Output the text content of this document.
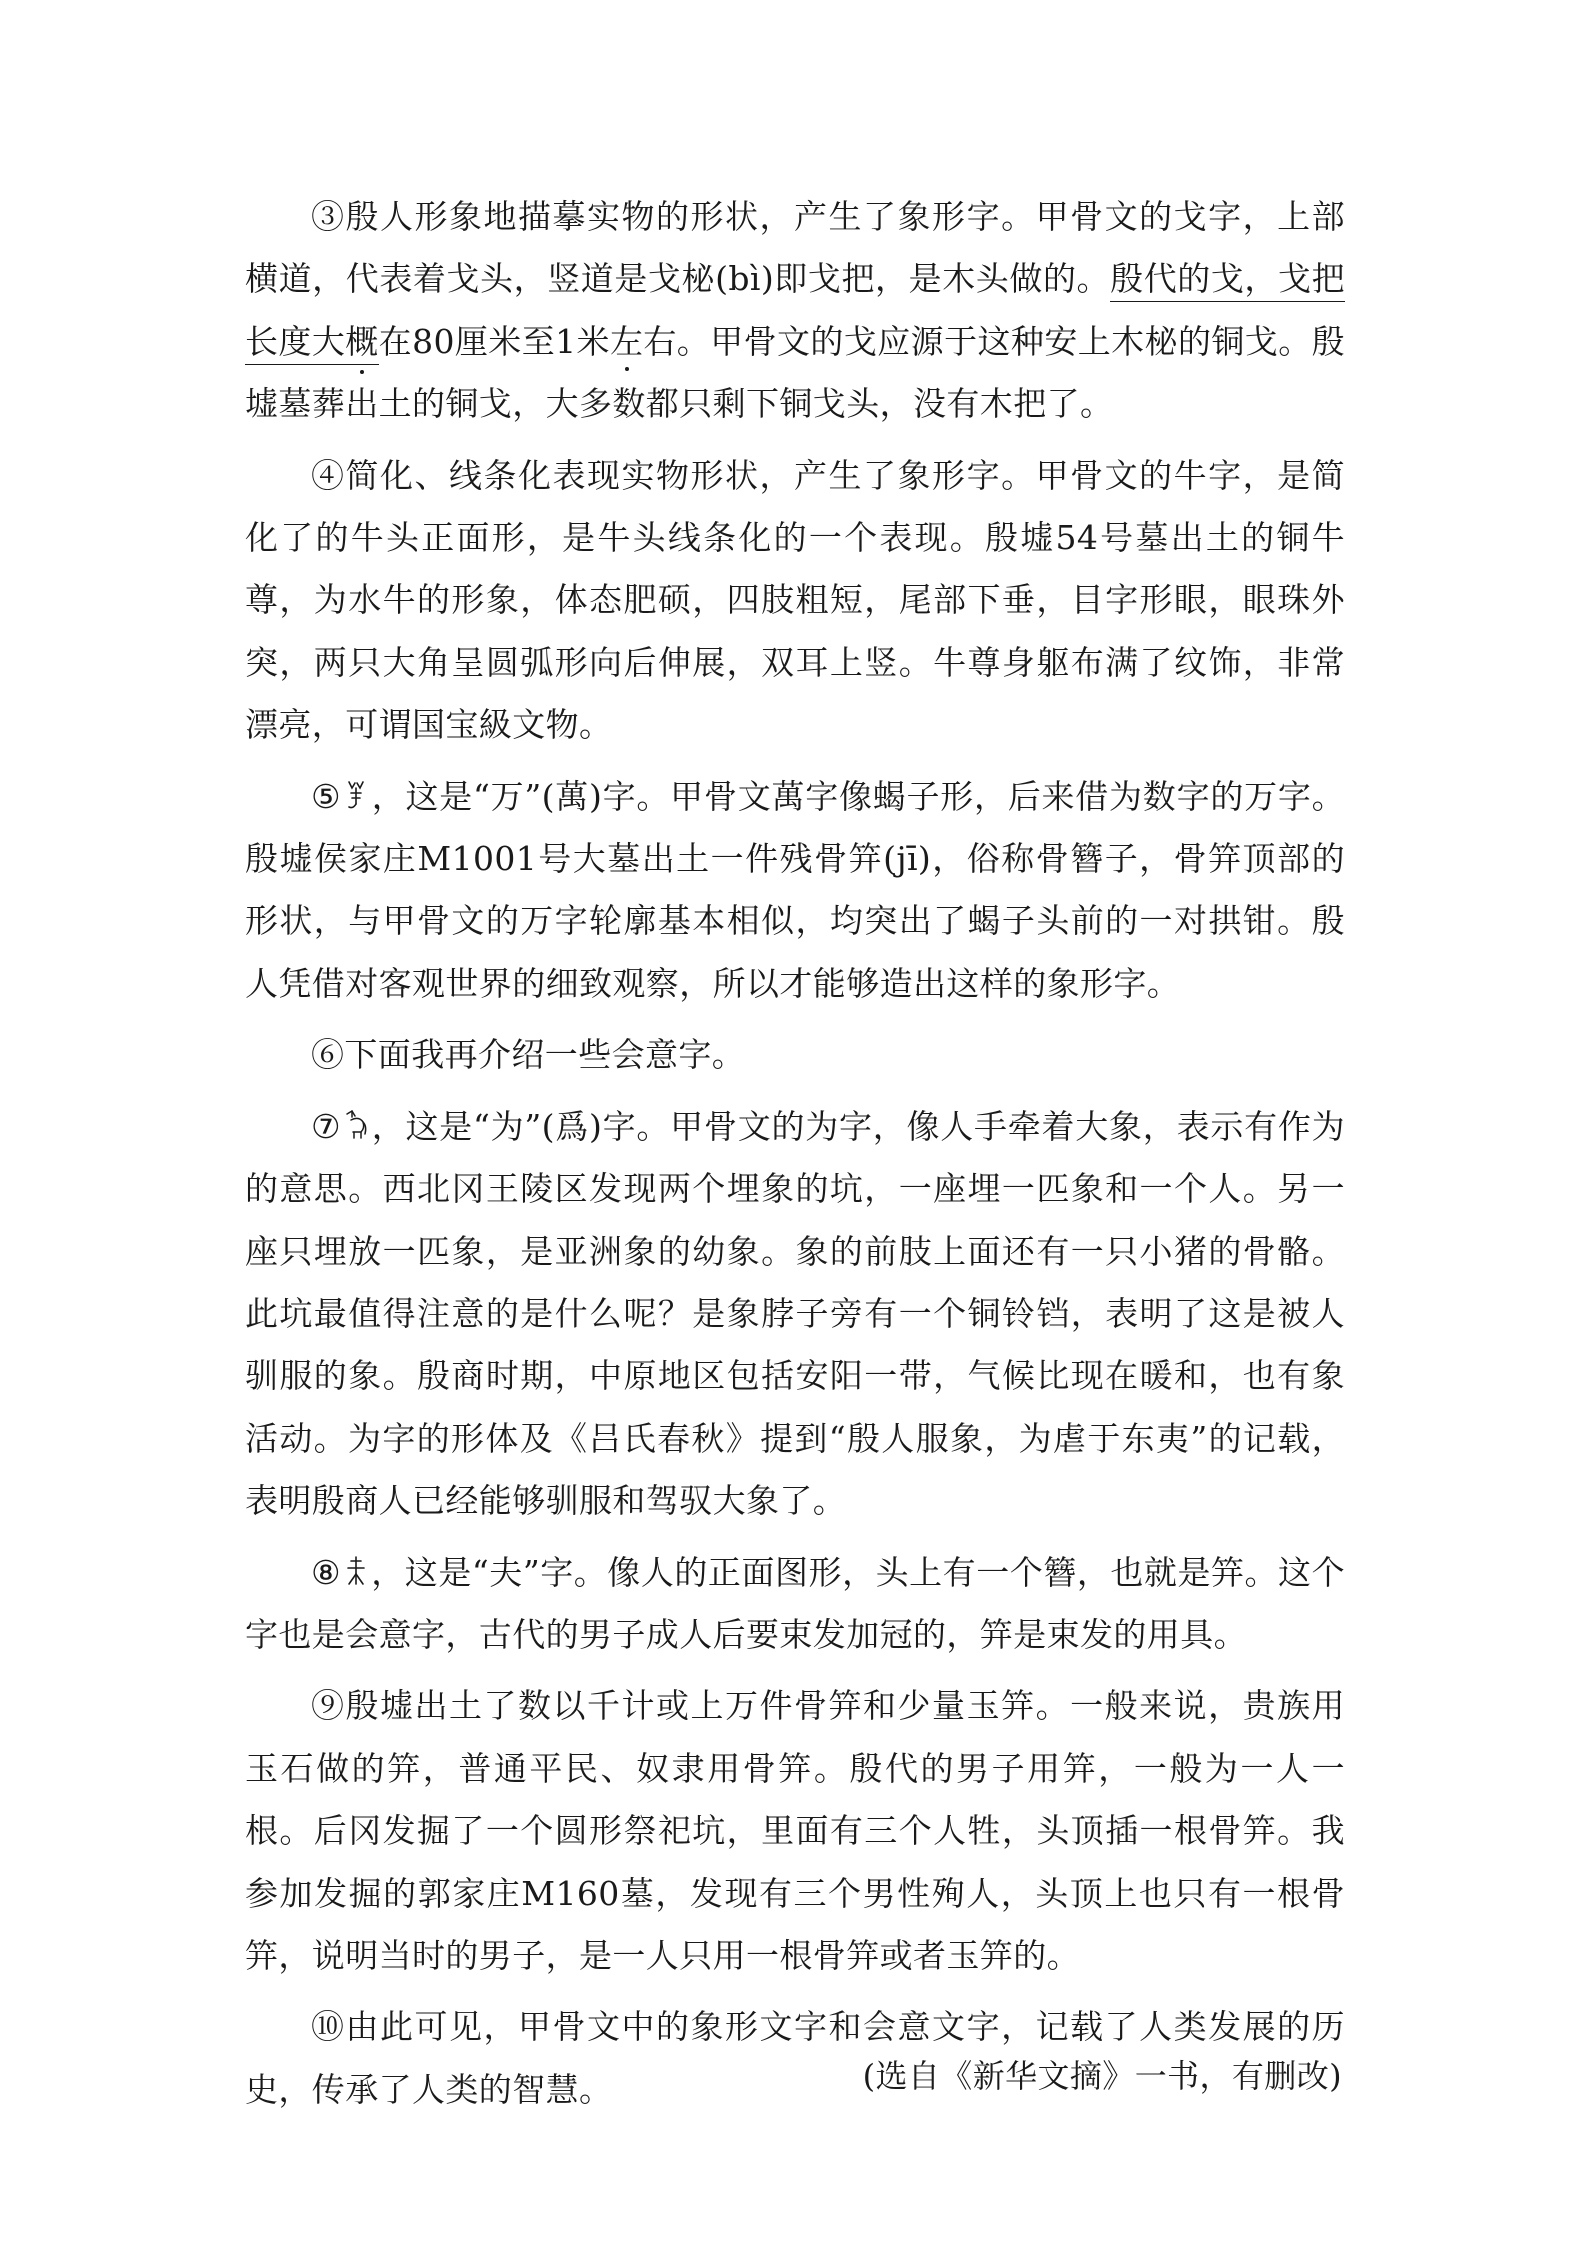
③殷人形象地描摹实物的形状，产生了象形字。甲骨文的戈字，上部横道，代表着戈头，竖道是戈柲(bì)即戈把，是木头做的。殷代的戈，戈把长度大概在80厘米至1米左右。甲骨文的戈应源于这种安上木柲的铜戈。殷墟墓葬出土的铜戈，大多数都只剩下铜戈头，没有木把了。

④简化、线条化表现实物形状，产生了象形字。甲骨文的牛字，是简化了的牛头正面形，是牛头线条化的一个表现。殷墟54号墓出土的铜牛尊，为水牛的形象，体态肥硕，四肢粗短，尾部下垂，目字形眼，眼珠外突，两只大角呈圆弧形向后伸展，双耳上竖。牛尊身躯布满了纹饰，非常漂亮，可谓国宝級文物。

⑤ ，这是“万”(萬)字。甲骨文萬字像蝎子形，后来借为数字的万字。殷墟侯家庄M1001号大墓出土一件残骨笄(jī)，俗称骨簪子，骨笄顶部的形状，与甲骨文的万字轮廓基本相似，均突出了蝎子头前的一对拱钳。殷人凭借对客观世界的细致观察，所以才能够造出这样的象形字。

⑥下面我再介绍一些会意字。

⑦ ，这是“为”(爲)字。甲骨文的为字，像人手牵着大象，表示有作为的意思。西北冈王陵区发现两个埋象的坑，一座埋一匹象和一个人。另一座只埋放一匹象，是亚洲象的幼象。象的前肢上面还有一只小猪的骨骼。此坑最值得注意的是什么呢？是象脖子旁有一个铜铃铛，表明了这是被人驯服的象。殷商时期，中原地区包括安阳一带，气候比现在暖和，也有象活动。为字的形体及《吕氏春秋》提到“殷人服象，为虐于东夷”的记载，表明殷商人已经能够驯服和驾驭大象了。

⑧ ，这是“夫”字。像人的正面图形，头上有一个簪，也就是笄。这个字也是会意字，古代的男子成人后要束发加冠的，笄是束发的用具。

⑨殷墟出土了数以千计或上万件骨笄和少量玉笄。一般来说，贵族用玉石做的笄，普通平民、奴隶用骨笄。殷代的男子用笄，一般为一人一根。后冈发掘了一个圆形祭祀坑，里面有三个人牲，头顶插一根骨笄。我参加发掘的郭家庄M160墓，发现有三个男性殉人，头顶上也只有一根骨笄，说明当时的男子，是一人只用一根骨笄或者玉笄的。

⑩由此可见，甲骨文中的象形文字和会意文字，记载了人类发展的历史，传承了人类的智慧。	(选自《新华文摘》一书，有删改)
